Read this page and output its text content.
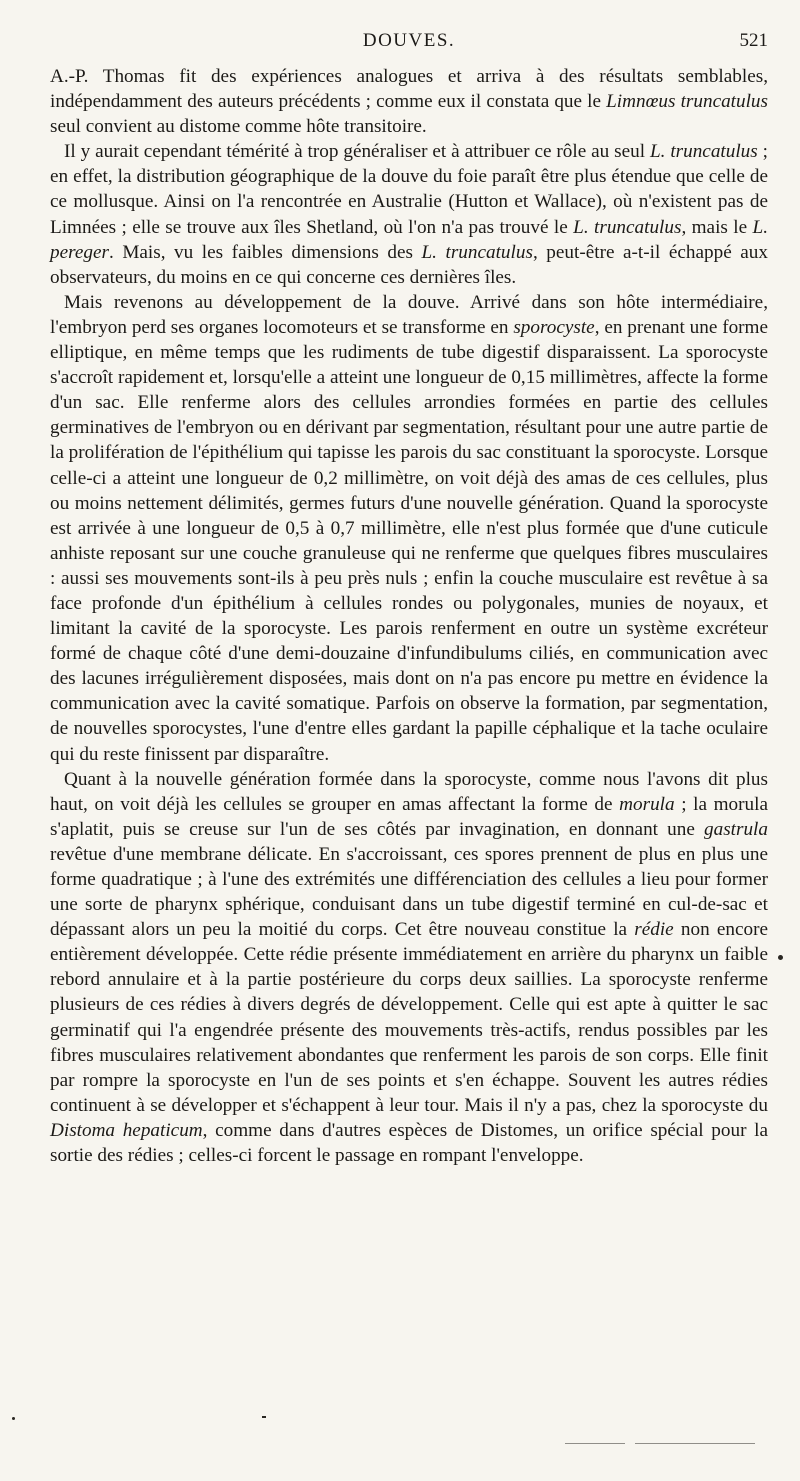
DOUVES.	521

A.-P. Thomas fit des expériences analogues et arriva à des résultats semblables, indépendamment des auteurs précédents ; comme eux il constata que le Limnœus truncatulus seul convient au distome comme hôte transitoire.

Il y aurait cependant témérité à trop généraliser et à attribuer ce rôle au seul L. truncatulus ; en effet, la distribution géographique de la douve du foie paraît être plus étendue que celle de ce mollusque. Ainsi on l'a rencontrée en Australie (Hutton et Wallace), où n'existent pas de Limnées ; elle se trouve aux îles Shetland, où l'on n'a pas trouvé le L. truncatulus, mais le L. pereger. Mais, vu les faibles dimensions des L. truncatulus, peut-être a-t-il échappé aux observateurs, du moins en ce qui concerne ces dernières îles.

Mais revenons au développement de la douve. Arrivé dans son hôte intermédiaire, l'embryon perd ses organes locomoteurs et se transforme en sporocyste, en prenant une forme elliptique, en même temps que les rudiments de tube digestif disparaissent. La sporocyste s'accroît rapidement et, lorsqu'elle a atteint une longueur de 0,15 millimètres, affecte la forme d'un sac. Elle renferme alors des cellules arrondies formées en partie des cellules germinatives de l'embryon ou en dérivant par segmentation, résultant pour une autre partie de la prolifération de l'épithélium qui tapisse les parois du sac constituant la sporocyste. Lorsque celle-ci a atteint une longueur de 0,2 millimètre, on voit déjà des amas de ces cellules, plus ou moins nettement délimités, germes futurs d'une nouvelle génération. Quand la sporocyste est arrivée à une longueur de 0,5 à 0,7 millimètre, elle n'est plus formée que d'une cuticule anhiste reposant sur une couche granuleuse qui ne renferme que quelques fibres musculaires : aussi ses mouvements sont-ils à peu près nuls ; enfin la couche musculaire est revêtue à sa face profonde d'un épithélium à cellules rondes ou polygonales, munies de noyaux, et limitant la cavité de la sporocyste. Les parois renferment en outre un système excréteur formé de chaque côté d'une demi-douzaine d'infundibulums ciliés, en communication avec des lacunes irrégulièrement disposées, mais dont on n'a pas encore pu mettre en évidence la communication avec la cavité somatique. Parfois on observe la formation, par segmentation, de nouvelles sporocystes, l'une d'entre elles gardant la papille céphalique et la tache oculaire qui du reste finissent par disparaître.

Quant à la nouvelle génération formée dans la sporocyste, comme nous l'avons dit plus haut, on voit déjà les cellules se grouper en amas affectant la forme de morula ; la morula s'aplatit, puis se creuse sur l'un de ses côtés par invagination, en donnant une gastrula revêtue d'une membrane délicate. En s'accroissant, ces spores prennent de plus en plus une forme quadratique ; à l'une des extrémités une différenciation des cellules a lieu pour former une sorte de pharynx sphérique, conduisant dans un tube digestif terminé en cul-de-sac et dépassant alors un peu la moitié du corps. Cet être nouveau constitue la rédie non encore entièrement développée. Cette rédie présente immédiatement en arrière du pharynx un faible rebord annulaire et à la partie postérieure du corps deux saillies. La sporocyste renferme plusieurs de ces rédies à divers degrés de développement. Celle qui est apte à quitter le sac germinatif qui l'a engendrée présente des mouvements très-actifs, rendus possibles par les fibres musculaires relativement abondantes que renferment les parois de son corps. Elle finit par rompre la sporocyste en l'un de ses points et s'en échappe. Souvent les autres rédies continuent à se développer et s'échappent à leur tour. Mais il n'y a pas, chez la sporocyste du Distoma hepaticum, comme dans d'autres espèces de Distomes, un orifice spécial pour la sortie des rédies ; celles-ci forcent le passage en rompant l'enveloppe.
